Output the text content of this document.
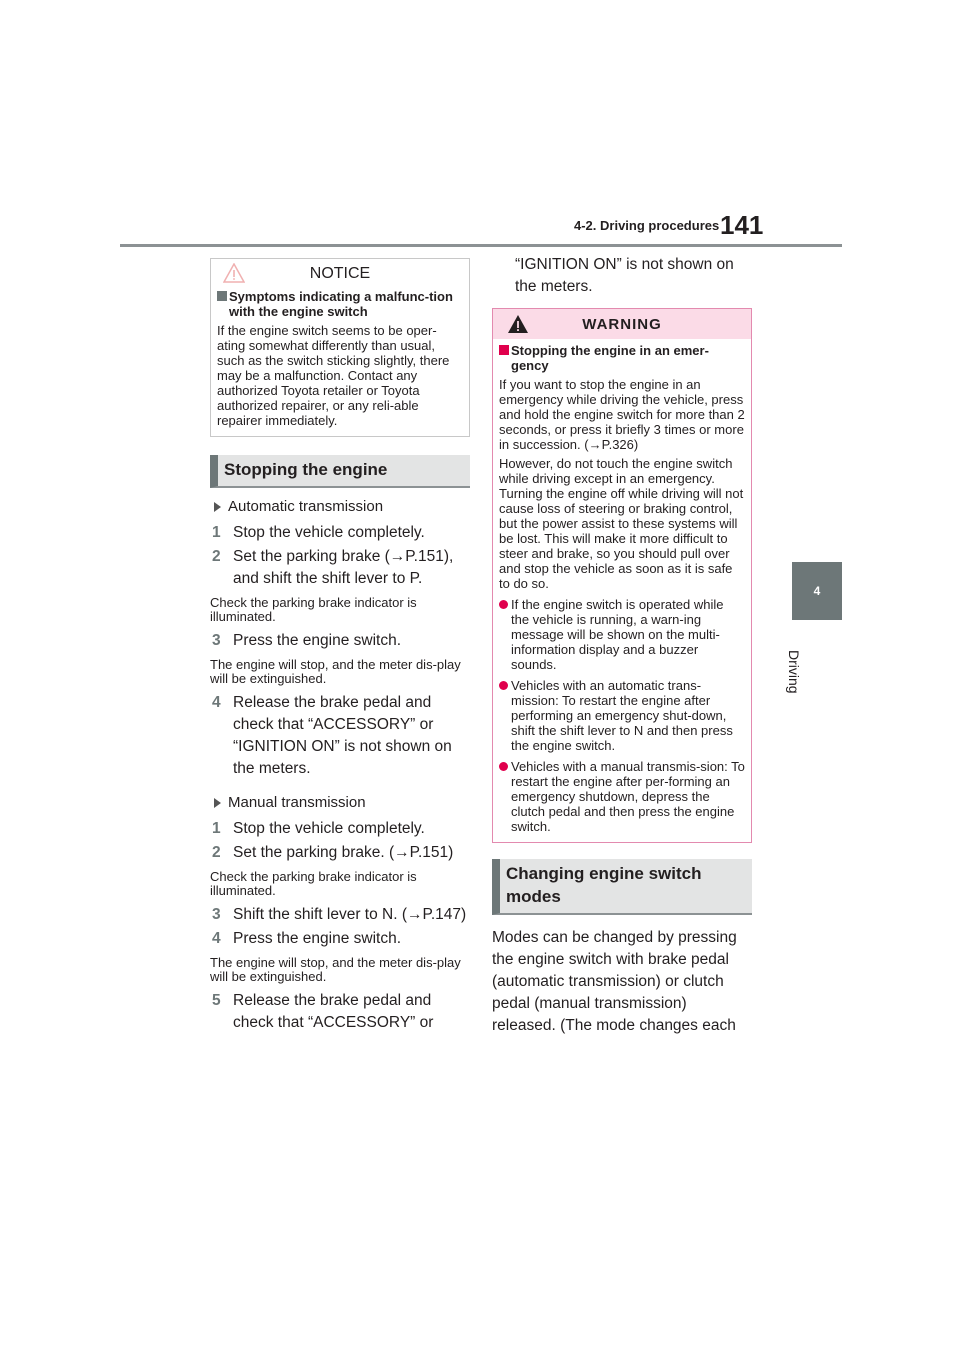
4-2. Driving procedures 141
4
Driving
NOTICE
Symptoms indicating a malfunc-tion with the engine switch
If the engine switch seems to be oper-ating somewhat differently than usual, such as the switch sticking slightly, there may be a malfunction. Contact any authorized Toyota retailer or Toyota authorized repairer, or any reli-able repairer immediately.
Stopping the engine
Automatic transmission
1 Stop the vehicle completely.
2 Set the parking brake (→P.151), and shift the shift lever to P.
Check the parking brake indicator is illuminated.
3 Press the engine switch.
The engine will stop, and the meter dis-play will be extinguished.
4 Release the brake pedal and check that “ACCESSORY” or “IGNITION ON” is not shown on the meters.
Manual transmission
1 Stop the vehicle completely.
2 Set the parking brake. (→P.151)
Check the parking brake indicator is illuminated.
3 Shift the shift lever to N. (→P.147)
4 Press the engine switch.
The engine will stop, and the meter dis-play will be extinguished.
5 Release the brake pedal and check that “ACCESSORY” or
“IGNITION ON” is not shown on the meters.
WARNING
Stopping the engine in an emer-gency
If you want to stop the engine in an emergency while driving the vehicle, press and hold the engine switch for more than 2 seconds, or press it briefly 3 times or more in succession. (→P.326)
However, do not touch the engine switch while driving except in an emergency. Turning the engine off while driving will not cause loss of steering or braking control, but the power assist to these systems will be lost. This will make it more difficult to steer and brake, so you should pull over and stop the vehicle as soon as it is safe to do so.
If the engine switch is operated while the vehicle is running, a warn-ing message will be shown on the multi-information display and a buzzer sounds.
Vehicles with an automatic trans-mission: To restart the engine after performing an emergency shut-down, shift the shift lever to N and then press the engine switch.
Vehicles with a manual transmis-sion: To restart the engine after per-forming an emergency shutdown, depress the clutch pedal and then press the engine switch.
Changing engine switch modes
Modes can be changed by pressing the engine switch with brake pedal (automatic transmission) or clutch pedal (manual transmission) released. (The mode changes each
